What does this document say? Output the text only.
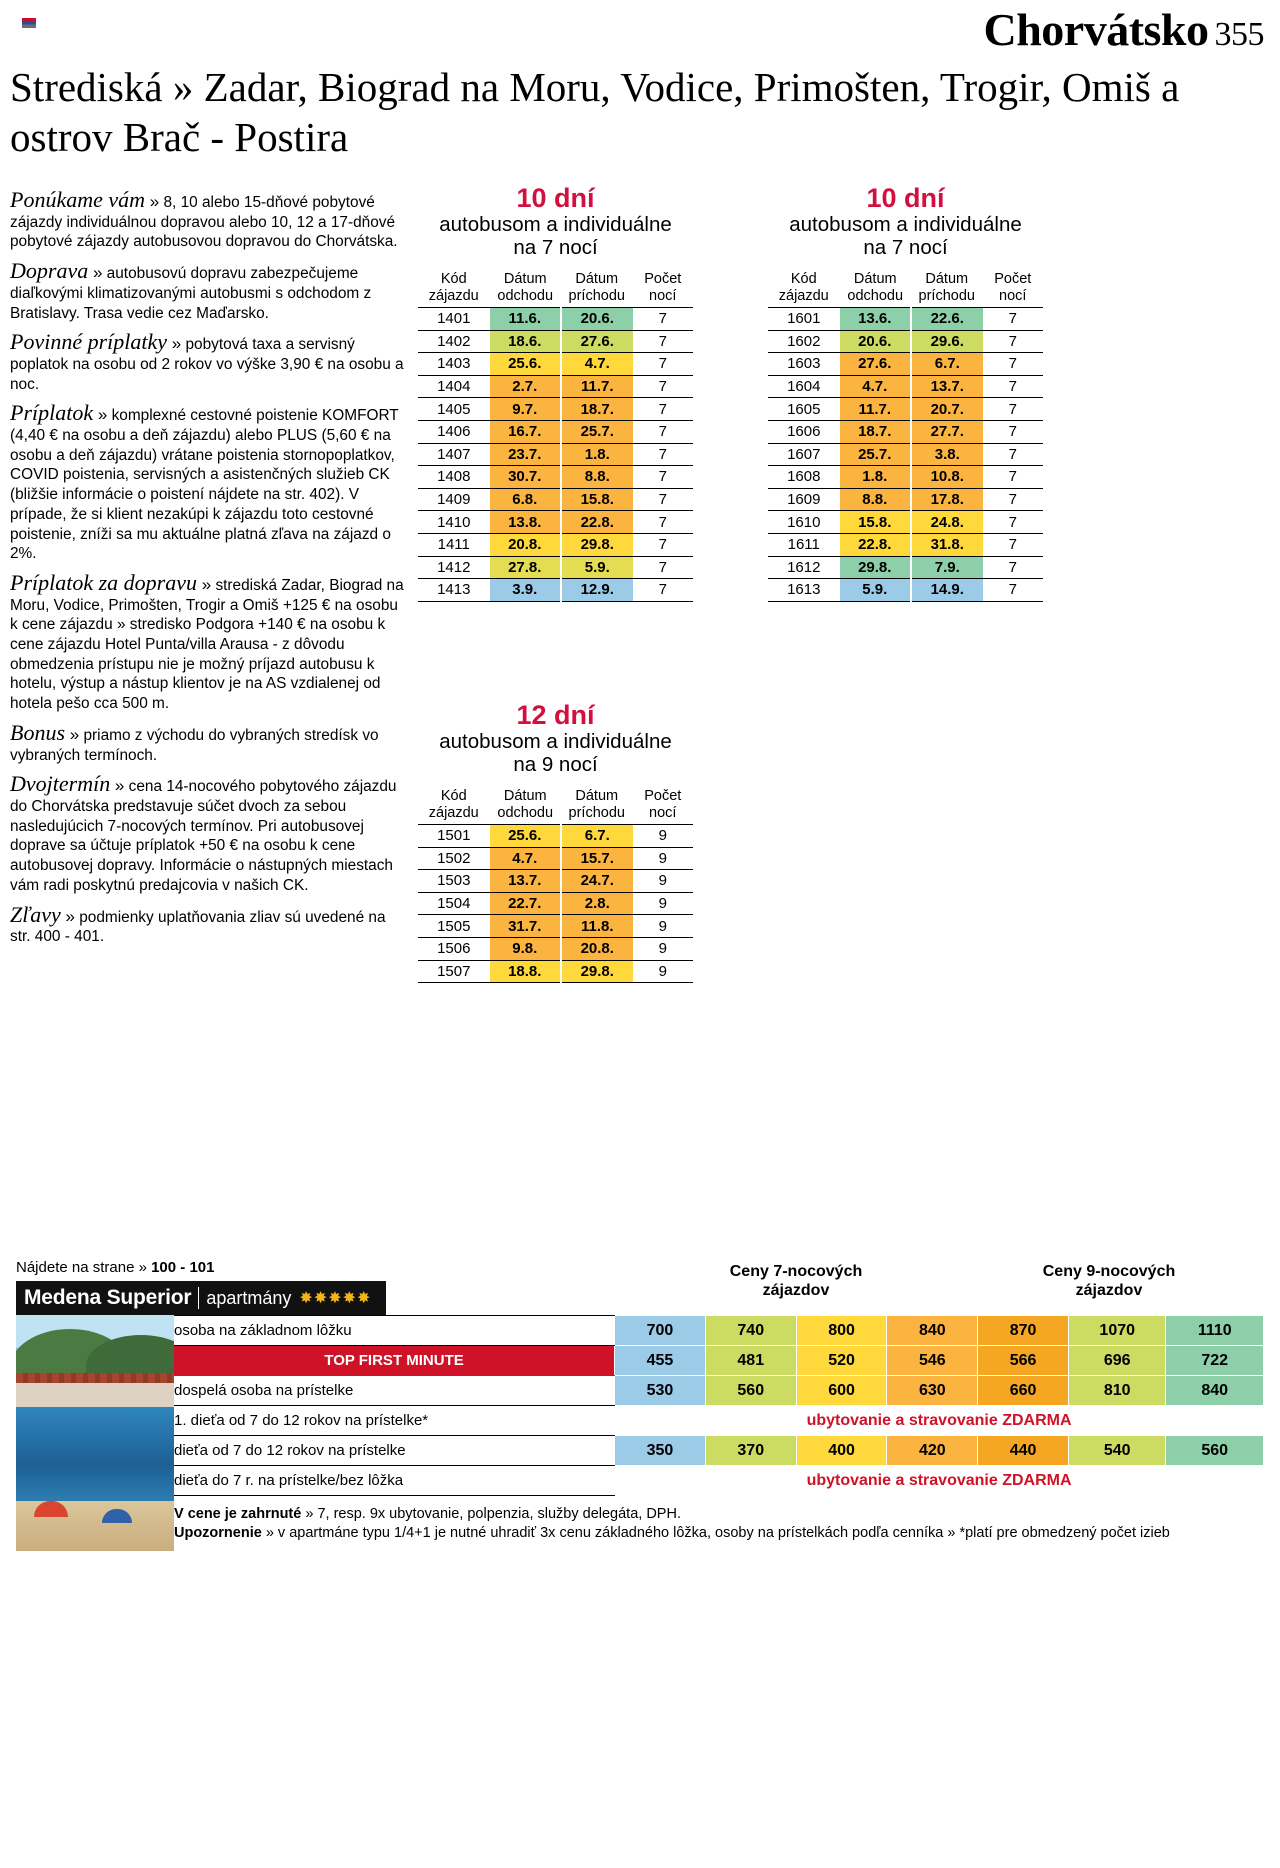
Chorvátsko 355
Strediská » Zadar, Biograd na Moru, Vodice, Primošten, Trogir, Omiš a ostrov Brač - Postira
Ponúkame vám » 8, 10 alebo 15-dňové pobytové zájazdy individuálnou dopravou alebo 10, 12 a 17-dňové pobytové zájazdy autobusovou dopravou do Chorvátska.
Doprava » autobusovú dopravu zabezpečujeme diaľkovými klimatizovanými autobusmi s odchodom z Bratislavy. Trasa vedie cez Maďarsko.
Povinné príplatky » pobytová taxa a servisný poplatok na osobu od 2 rokov vo výške 3,90 € na osobu a noc.
Príplatok » komplexné cestovné poistenie KOMFORT (4,40 € na osobu a deň zájazdu) alebo PLUS (5,60 € na osobu a deň zájazdu) vrátane poistenia stornopoplatkov, COVID poistenia, servisných a asistenčných služieb CK (bližšie informácie o poistení nájdete na str. 402). V prípade, že si klient nezakúpi k zájazdu toto cestovné poistenie, zníži sa mu aktuálne platná zľava na zájazd o 2%.
Príplatok za dopravu » strediská Zadar, Biograd na Moru, Vodice, Primošten, Trogir a Omiš +125 € na osobu k cene zájazdu » stredisko Podgora +140 € na osobu k cene zájazdu Hotel Punta/villa Arausa - z dôvodu obmedzenia prístupu nie je možný príjazd autobusu k hotelu, výstup a nástup klientov je na AS vzdialenej od hotela pešo cca 500 m.
Bonus » priamo z východu do vybraných stredísk vo vybraných termínoch.
Dvojtermín » cena 14-nocového pobytového zájazdu do Chorvátska predstavuje súčet dvoch za sebou nasledujúcich 7-nocových termínov. Pri autobusovej doprave sa účtuje príplatok +50 € na osobu k cene autobusovej dopravy. Informácie o nástupných miestach vám radi poskytnú predajcovia v našich CK.
Zľavy » podmienky uplatňovania zliav sú uvedené na str. 400 - 401.
10 dní
autobusom a individuálne
na 7 nocí
Kód
zájazdu	Dátum
odchodu	Dátum
príchodu	Počet
nocí
1401	11.6.	20.6.	7
1402	18.6.	27.6.	7
1403	25.6.	4.7.	7
1404	2.7.	11.7.	7
1405	9.7.	18.7.	7
1406	16.7.	25.7.	7
1407	23.7.	1.8.	7
1408	30.7.	8.8.	7
1409	6.8.	15.8.	7
1410	13.8.	22.8.	7
1411	20.8.	29.8.	7
1412	27.8.	5.9.	7
1413	3.9.	12.9.	7
10 dní
autobusom a individuálne
na 7 nocí
Kód
zájazdu	Dátum
odchodu	Dátum
príchodu	Počet
nocí
1601	13.6.	22.6.	7
1602	20.6.	29.6.	7
1603	27.6.	6.7.	7
1604	4.7.	13.7.	7
1605	11.7.	20.7.	7
1606	18.7.	27.7.	7
1607	25.7.	3.8.	7
1608	1.8.	10.8.	7
1609	8.8.	17.8.	7
1610	15.8.	24.8.	7
1611	22.8.	31.8.	7
1612	29.8.	7.9.	7
1613	5.9.	14.9.	7
12 dní
autobusom a individuálne
na 9 nocí
Kód
zájazdu	Dátum
odchodu	Dátum
príchodu	Počet
nocí
1501	25.6.	6.7.	9
1502	4.7.	15.7.	9
1503	13.7.	24.7.	9
1504	22.7.	2.8.	9
1505	31.7.	11.8.	9
1506	9.8.	20.8.	9
1507	18.8.	29.8.	9
Nájdete na strane » 100 - 101
Medena Superior apartmány ✸✸✸✸✸
Ceny 7-nocových
zájazdov
Ceny 9-nocových
zájazdov
osoba na základnom lôžku	700	740	800	840	870	1070	1110
TOP FIRST MINUTE	455	481	520	546	566	696	722
dospelá osoba na prístelke	530	560	600	630	660	810	840
1. dieťa od 7 do 12 rokov na prístelke*	ubytovanie a stravovanie ZDARMA						
dieťa od 7 do 12 rokov na prístelke	350	370	400	420	440	540	560
dieťa do 7 r. na prístelke/bez lôžka	ubytovanie a stravovanie ZDARMA						
V cene je zahrnuté » 7, resp. 9x ubytovanie, polpenzia, služby delegáta, DPH.
Upozornenie » v apartmáne typu 1/4+1 je nutné uhradiť 3x cenu základného lôžka, osoby na prístelkách podľa cenníka » *platí pre obmedzený počet izieb
